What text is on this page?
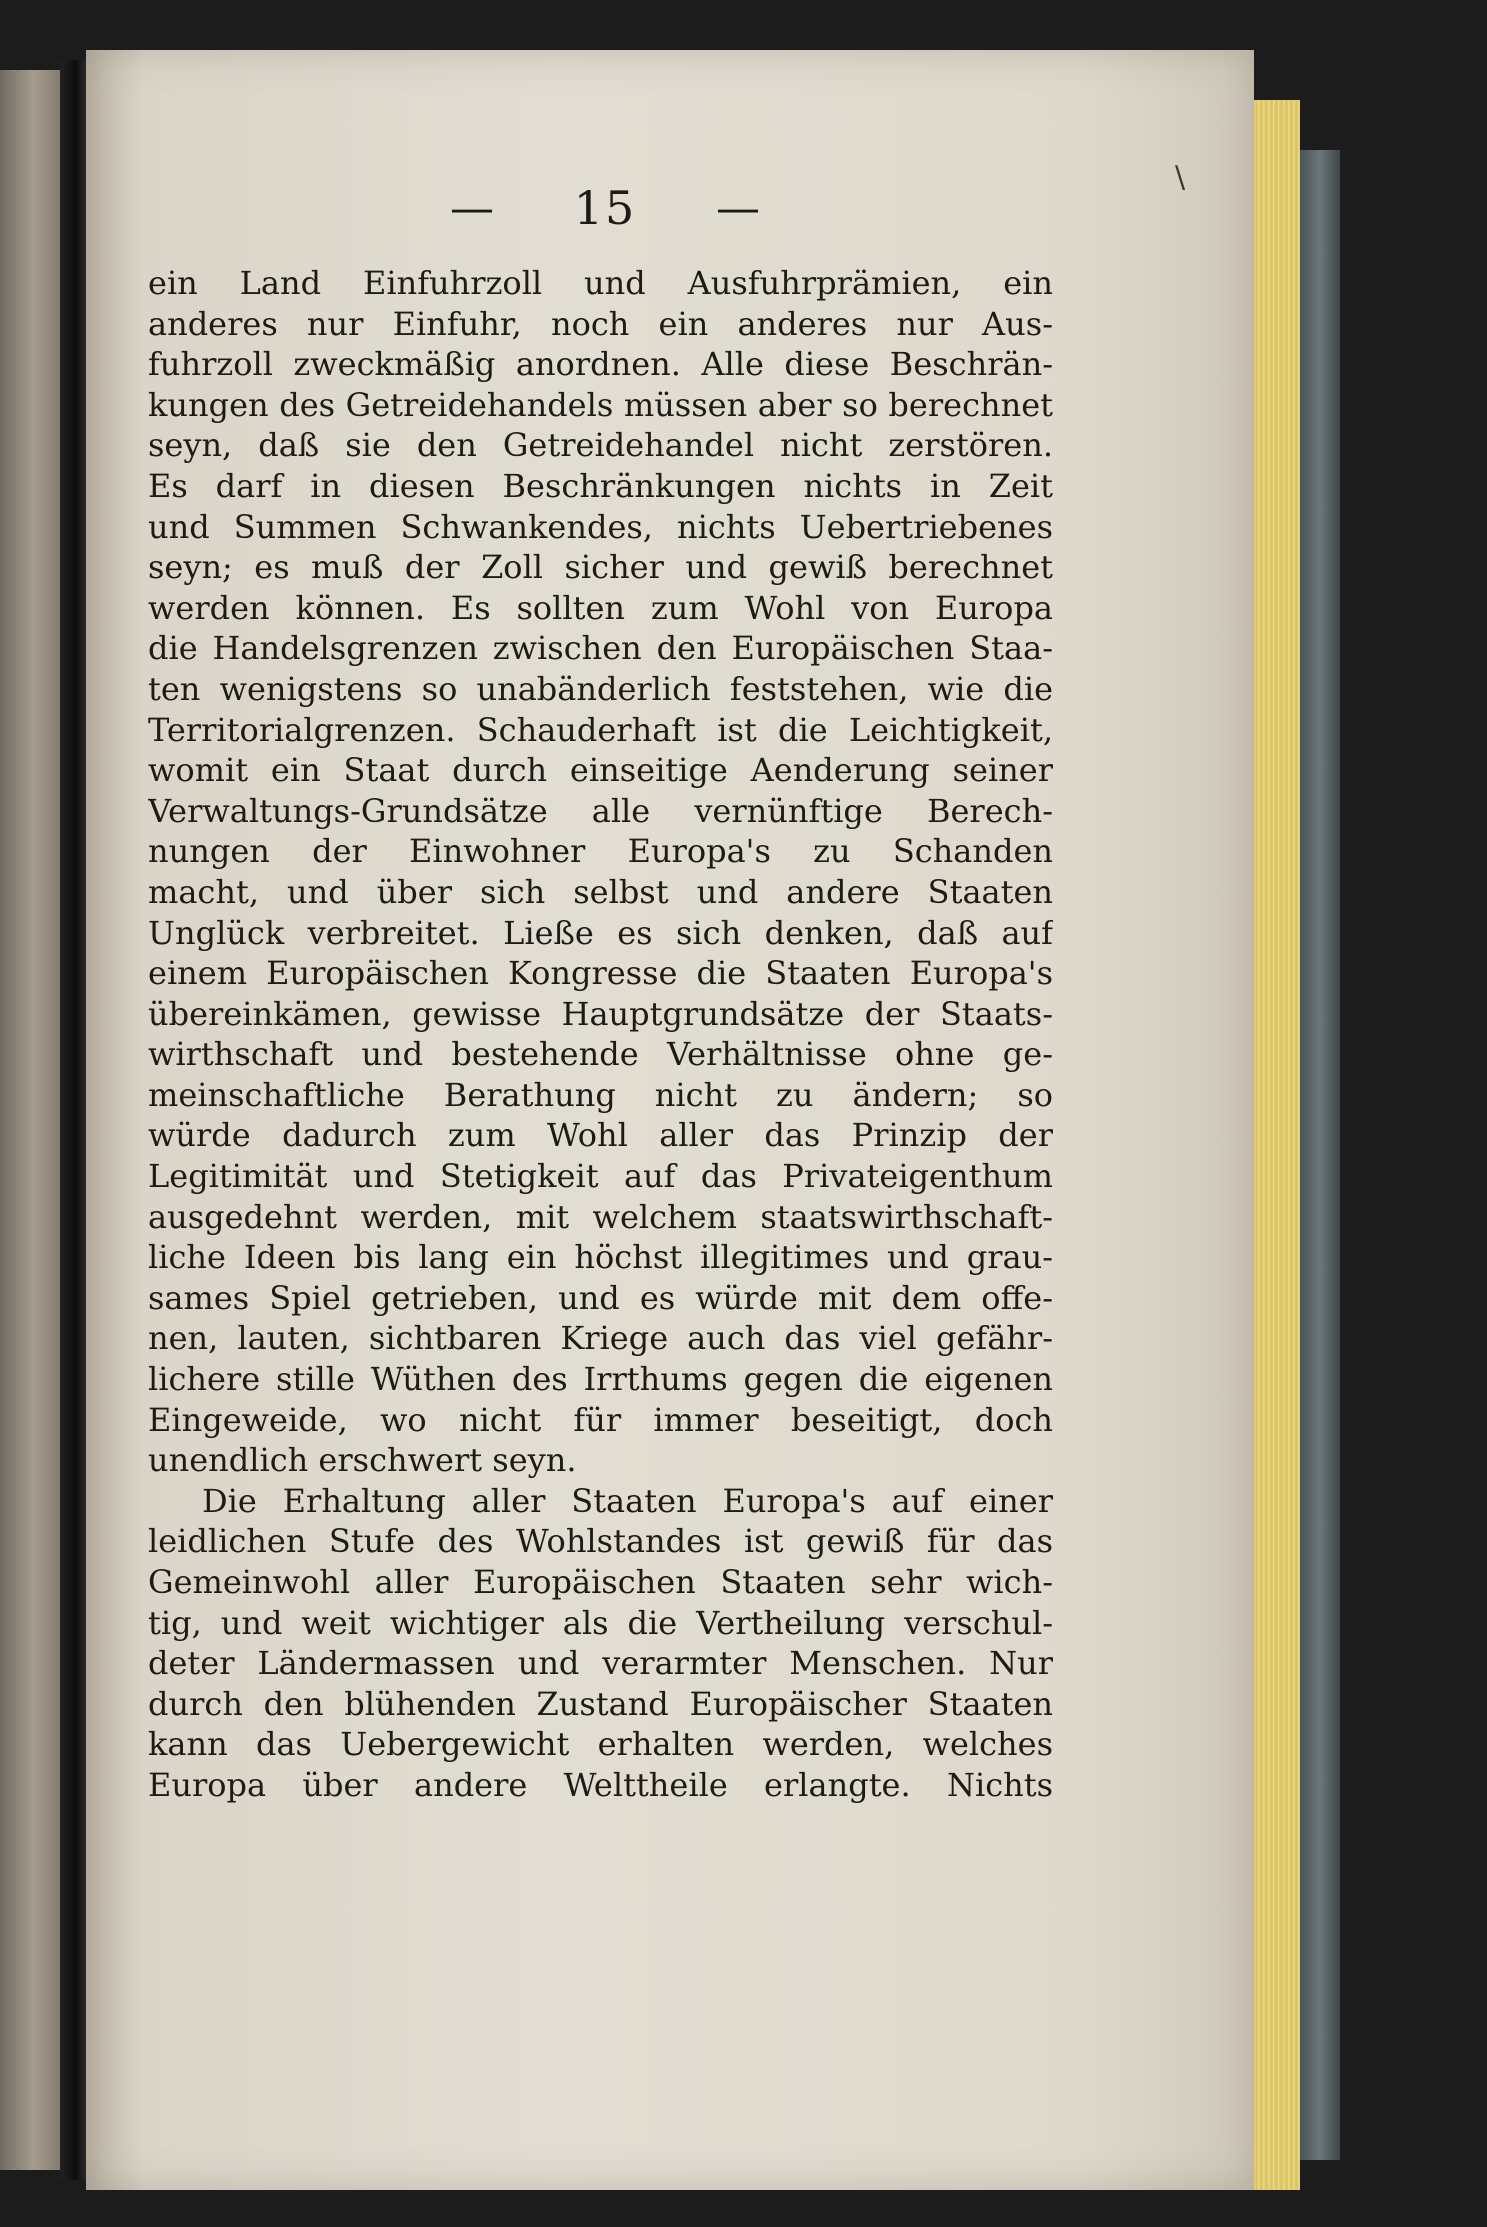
\
— 15 —
ein Land Einfuhrzoll und Ausfuhrprämien, ein
anderes nur Einfuhr, noch ein anderes nur Aus-
fuhrzoll zweckmäßig anordnen. Alle diese Beschrän-
kungen des Getreidehandels müssen aber so berechnet
seyn, daß sie den Getreidehandel nicht zerstören.
Es darf in diesen Beschränkungen nichts in Zeit
und Summen Schwankendes, nichts Uebertriebenes
seyn; es muß der Zoll sicher und gewiß berechnet
werden können. Es sollten zum Wohl von Europa
die Handelsgrenzen zwischen den Europäischen Staa-
ten wenigstens so unabänderlich feststehen, wie die
Territorialgrenzen. Schauderhaft ist die Leichtigkeit,
womit ein Staat durch einseitige Aenderung seiner
Verwaltungs-Grundsätze alle vernünftige Berech-
nungen der Einwohner Europa's zu Schanden
macht, und über sich selbst und andere Staaten
Unglück verbreitet. Ließe es sich denken, daß auf
einem Europäischen Kongresse die Staaten Europa's
übereinkämen, gewisse Hauptgrundsätze der Staats-
wirthschaft und bestehende Verhältnisse ohne ge-
meinschaftliche Berathung nicht zu ändern; so
würde dadurch zum Wohl aller das Prinzip der
Legitimität und Stetigkeit auf das Privateigenthum
ausgedehnt werden, mit welchem staatswirthschaft-
liche Ideen bis lang ein höchst illegitimes und grau-
sames Spiel getrieben, und es würde mit dem offe-
nen, lauten, sichtbaren Kriege auch das viel gefähr-
lichere stille Wüthen des Irrthums gegen die eigenen
Eingeweide, wo nicht für immer beseitigt, doch
unendlich erschwert seyn.
Die Erhaltung aller Staaten Europa's auf einer
leidlichen Stufe des Wohlstandes ist gewiß für das
Gemeinwohl aller Europäischen Staaten sehr wich-
tig, und weit wichtiger als die Vertheilung verschul-
deter Ländermassen und verarmter Menschen. Nur
durch den blühenden Zustand Europäischer Staaten
kann das Uebergewicht erhalten werden, welches
Europa über andere Welttheile erlangte. Nichts
